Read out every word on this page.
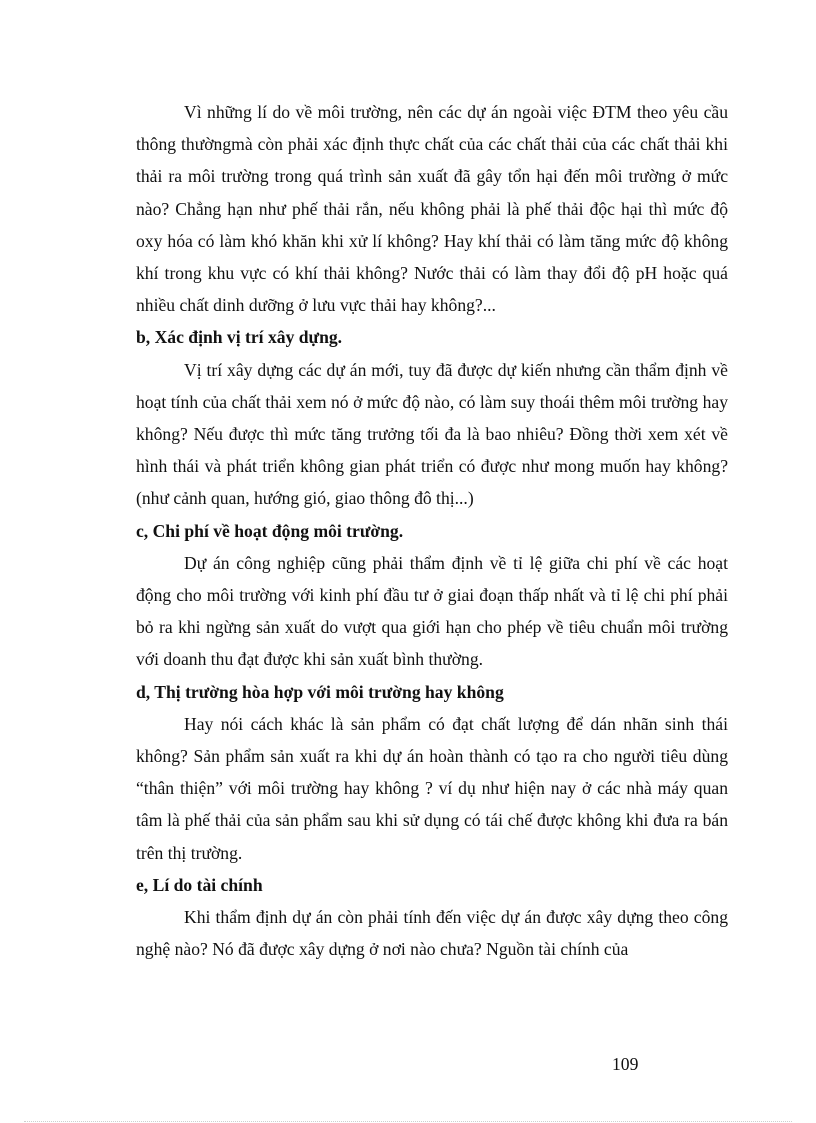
Vì những lí do về môi trường, nên các dự án ngoài việc ĐTM theo yêu cầu thông thườngmà còn phải xác định thực chất của các chất thải của các chất thải khi thải ra môi trường trong quá trình sản xuất đã gây tổn hại đến môi trường ở mức nào? Chẳng hạn như phế thải rắn, nếu không phải là phế thải độc hại thì mức độ oxy hóa có làm khó khăn khi xử lí không? Hay khí thải có làm tăng mức độ không khí trong khu vực có khí thải không? Nước thải có làm thay đổi độ pH hoặc quá nhiều chất dinh dưỡng ở lưu vực thải hay không?...

b, Xác định vị trí xây dựng.

Vị trí xây dựng các dự án mới, tuy đã được dự kiến nhưng cần thẩm định về hoạt tính của chất thải xem nó ở mức độ nào, có làm suy thoái thêm môi trường hay không? Nếu được thì mức tăng trưởng tối đa là bao nhiêu? Đồng thời xem xét về hình thái và phát triển không gian phát triển có được như mong muốn hay không? (như cảnh quan, hướng gió, giao thông đô thị...)

c, Chi phí về hoạt động môi trường.

Dự án công nghiệp cũng phải thẩm định về tỉ lệ giữa chi phí về các hoạt động cho môi trường với kinh phí đầu tư ở giai đoạn thấp nhất và tỉ lệ chi phí phải bỏ ra khi ngừng sản xuất do vượt qua giới hạn cho phép về tiêu chuẩn môi trường với doanh thu đạt được khi sản xuất bình thường.

d, Thị trường hòa hợp với môi trường hay không

Hay nói cách khác là sản phẩm có đạt chất lượng để dán nhãn sinh thái không? Sản phẩm sản xuất ra khi dự án hoàn thành có tạo ra cho người tiêu dùng “thân thiện” với môi trường hay không ? ví dụ như hiện nay ở các nhà máy quan tâm là phế thải của sản phẩm sau khi sử dụng có tái chế được không khi đưa ra bán trên thị trường.

e, Lí do tài chính

Khi thẩm định dự án còn phải tính đến việc dự án được xây dựng theo công nghệ nào? Nó đã được xây dựng ở nơi nào chưa? Nguồn tài chính của

109
